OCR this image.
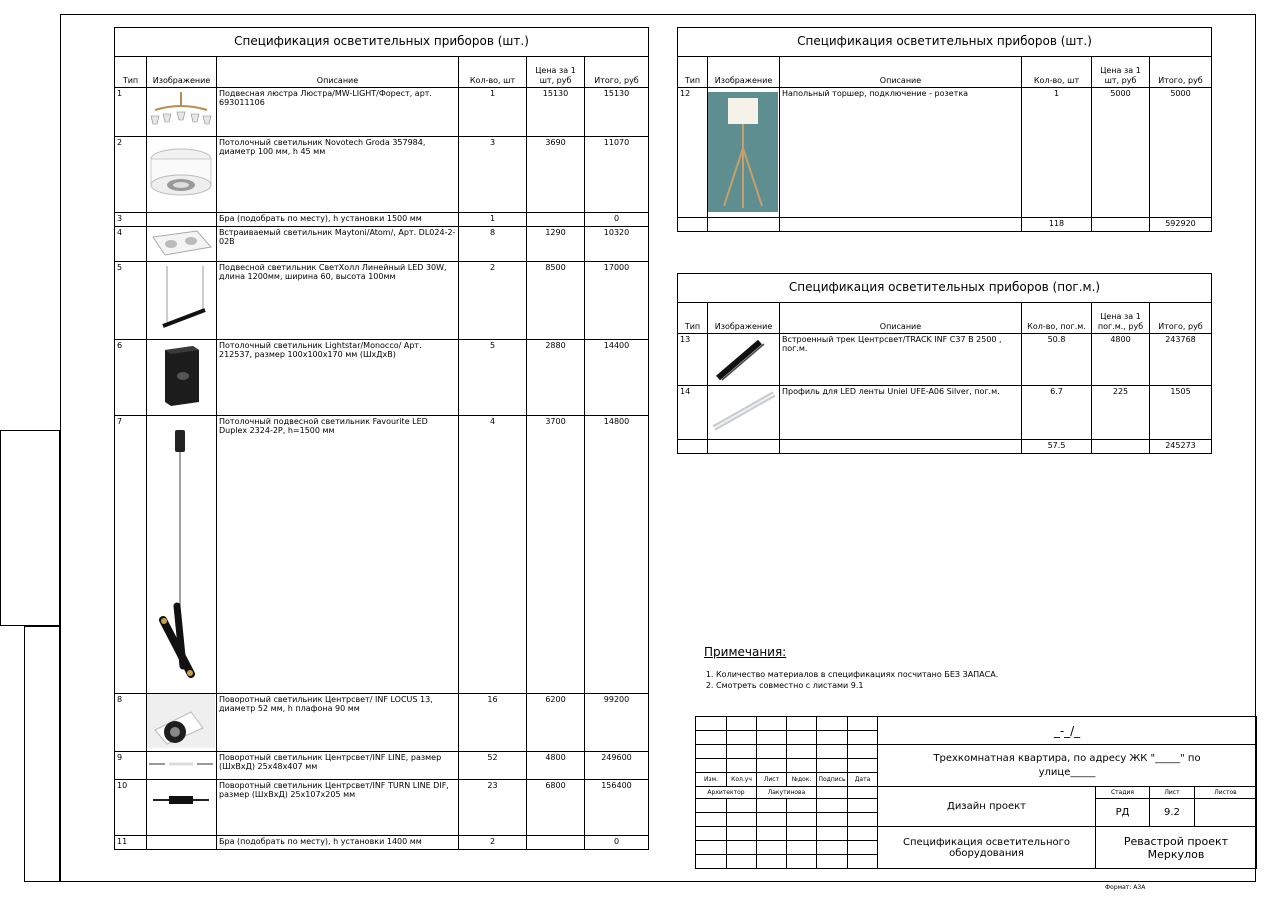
Спецификация осветительных приборов (шт.)
Тип	Изображение	Описание	Кол-во, шт	Цена за 1 шт, руб	Итого, руб
1		Подвесная люстра Люстра/MW-LIGHT/Форест, арт. 693011106	1	15130	15130
2		Потолочный светильник Novotech Groda 357984, диаметр 100 мм, h 45 мм	3	3690	11070
3		Бра (подобрать по месту), h установки 1500 мм	1		0
4		Встраиваемый светильник Maytoni/Atom/, Арт. DL024-2-02B	8	1290	10320
5		Подвесной светильник СветХолл Линейный LED 30W, длина 1200мм, ширина 60, высота 100мм	2	8500	17000
6		Потолочный светильник Lightstar/Monocco/ Арт. 212537, размер 100х100х170 мм (ШхДхВ)	5	2880	14400
7		Потолочный подвесной светильник Favourite LED Duplex 2324-2P, h=1500 мм	4	3700	14800
8		Поворотный светильник Центрсвет/ INF LOCUS 13, диаметр 52 мм, h плафона 90 мм	16	6200	99200
9		Поворотный светильник Центрсвет/INF LINE, размер (ШхВхД) 25х48х407 мм	52	4800	249600
10		Поворотный светильник Центрсвет/INF TURN LINE DIF, размер (ШхВхД) 25х107х205 мм	23	6800	156400
11		Бра (подобрать по месту), h установки 1400 мм	2		0
Спецификация осветительных приборов (шт.)
Тип	Изображение	Описание	Кол-во, шт	Цена за 1 шт, руб	Итого, руб
12		Напольный торшер, подключение - розетка	1	5000	5000
			118		592920
Спецификация осветительных приборов (пог.м.)
Тип	Изображение	Описание	Кол-во, пог.м.	Цена за 1 пог.м., руб	Итого, руб
13		Встроенный трек Центрсвет/TRACK INF C37 B 2500 , пог.м.	50.8	4800	243768
14		Профиль для LED ленты Uniel UFE-A06 Silver, пог.м.	6.7	225	1505
			57.5		245273
Примечания:
1. Количество материалов в спецификациях посчитано БЕЗ ЗАПАСА.
2. Смотреть совместно с листами 9.1
						_-_/_			

						Трехкомнатная квартира, по адресу ЖК "_____" по улице_____			

Изм.	Кол.уч	Лист	№док.	Подпись	Дата				
Архитектор		Лакутинова				Дизайн проект	Стадия	Лист	Листов
							РД	9.2	

						Спецификация осветительного оборудования	Ревастрой проект Меркулов		

Формат: А3А
